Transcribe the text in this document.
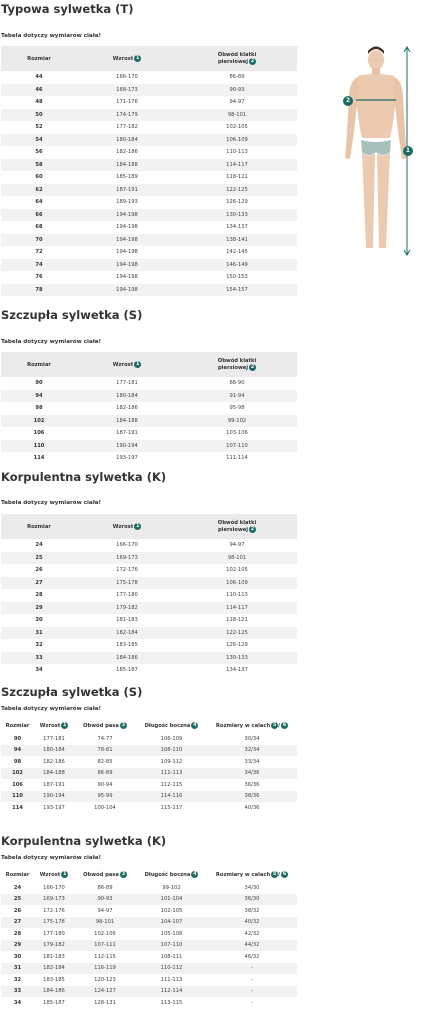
Typowa sylwetka (T)
Tabela dotyczy wymiarów ciała!
Rozmiar	Wzrost 1	Obwód klatki
piersiowej 2

44	166-170	86-89
46	168-173	90-93
48	171-176	94-97
50	174-179	98-101
52	177-182	102-105
54	180-184	106-109
56	182-186	110-113
58	184-188	114-117
60	185-189	118-121
62	187-191	122-125
64	189-193	126-129
66	194-198	130-133
68	194-198	134-137
70	194-198	138-141
72	194-198	142-145
74	194-198	146-149
76	194-198	150-153
78	194-198	154-157
2
1
Szczupła sylwetka (S)
Tabela dotyczy wymiarów ciała!
Rozmiar	Wzrost 1	Obwód klatki
piersiowej 2

90	177-181	88-90
94	180-184	91-94
98	182-186	95-98
102	184-188	99-102
106	187-191	103-106
110	190-194	107-110
114	193-197	111-114
Korpulentna sylwetka (K)
Tabela dotyczy wymiarów ciała!
Rozmiar	Wzrost 1	Obwód klatki
piersiowej 2

24	166-170	94-97
25	169-173	98-101
26	172-176	102-105
27	175-178	106-109
28	177-180	110-113
29	179-182	114-117
30	181-183	118-121
31	182-184	122-125
32	183-185	126-129
33	184-186	130-133
34	185-187	134-137
Szczupła sylwetka (S)
Tabela dotyczy wymiarów ciała!
Rozmiar	Wzrost 1	Obwód pasa 3	Długość boczna 4	Rozmiary w calach 5 / 6
90	177-181	74-77	106-109	30/34
94	180-184	78-81	108-110	32/34
98	182-186	82-85	109-112	33/34
102	184-188	86-89	111-113	34/36
106	187-191	90-94	112-115	36/36
110	190-194	95-99	114-116	38/36
114	193-197	100-104	115-117	40/36
Korpulentna sylwetka (K)
Tabela dotyczy wymiarów ciała!
Rozmiar	Wzrost 1	Obwód pasa 3	Długość boczna 4	Rozmiary w calach 5 / 6
24	166-170	86-89	99-102	34/30
25	169-173	90-93	101-104	36/30
26	172-176	94-97	102-105	38/32
27	175-178	98-101	104-107	40/32
28	177-180	102-106	105-108	42/32
29	179-182	107-111	107-110	44/32
30	181-183	112-115	108-111	46/32
31	182-184	116-119	110-112	-
32	183-185	120-123	111-113	-
33	184-186	124-127	112-114	-
34	185-187	128-131	113-115	-
